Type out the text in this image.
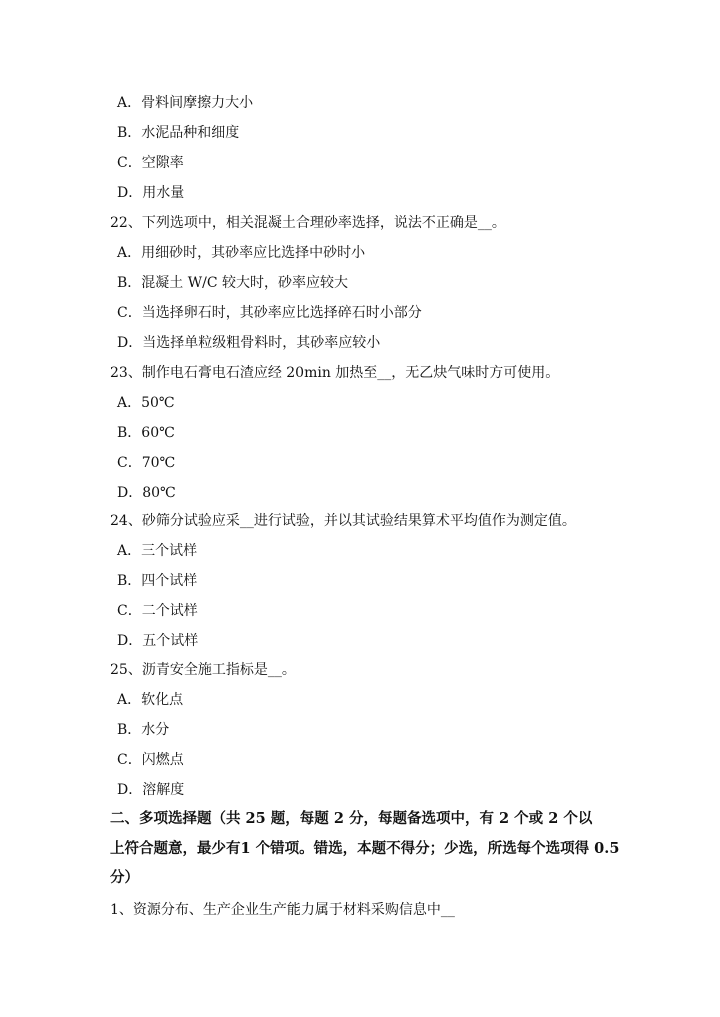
A．骨料间摩擦力大小
B．水泥品种和细度
C．空隙率
D．用水量
22、下列选项中，相关混凝土合理砂率选择，说法不正确是__。
A．用细砂时，其砂率应比选择中砂时小
B．混凝土 W/C 较大时，砂率应较大
C．当选择卵石时，其砂率应比选择碎石时小部分
D．当选择单粒级粗骨料时，其砂率应较小
23、制作电石膏电石渣应经 20min 加热至__，无乙炔气味时方可使用。
A．50℃
B．60℃
C．70℃
D．80℃
24、砂筛分试验应采__进行试验，并以其试验结果算术平均值作为测定值。
A．三个试样
B．四个试样
C．二个试样
D．五个试样
25、沥青安全施工指标是__。
A．软化点
B．水分
C．闪燃点
D．溶解度
二、多项选择题（共 25 题，每题 2 分，每题备选项中，有 2 个或 2 个以
上符合题意，最少有1 个错项。错选，本题不得分；少选，所选每个选项得 0.5
分）
1、资源分布、生产企业生产能力属于材料采购信息中__
